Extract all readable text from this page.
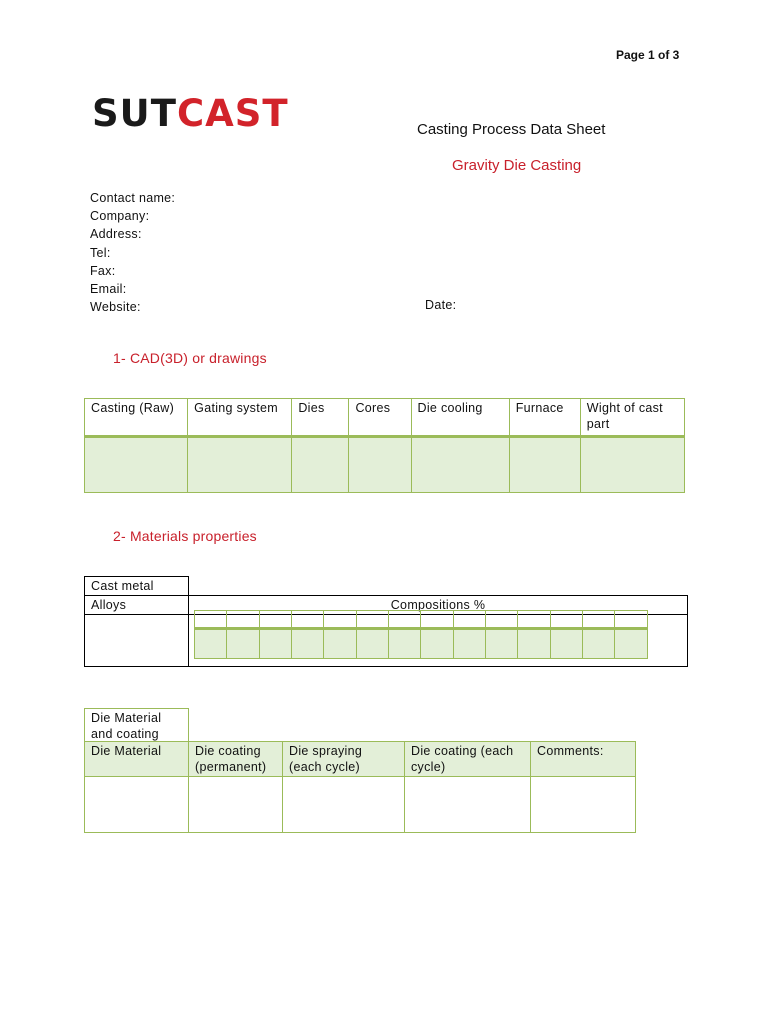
Page 1 of 3
SUTCAST	Casting Process Data Sheet
Gravity Die Casting
Contact name:
Company:
Address:
Tel:
Fax:
Email:
Website:	Date:
1- CAD(3D) or drawings
Casting (Raw)	Gating system	Dies	Cores	Die cooling	Furnace	Wight of cast part

2- Materials properties
Cast metal	
Alloys	Compositions %

Die Material and coating
Die Material	Die coating (permanent)	Die spraying (each cycle)	Die coating (each cycle)	Comments:
